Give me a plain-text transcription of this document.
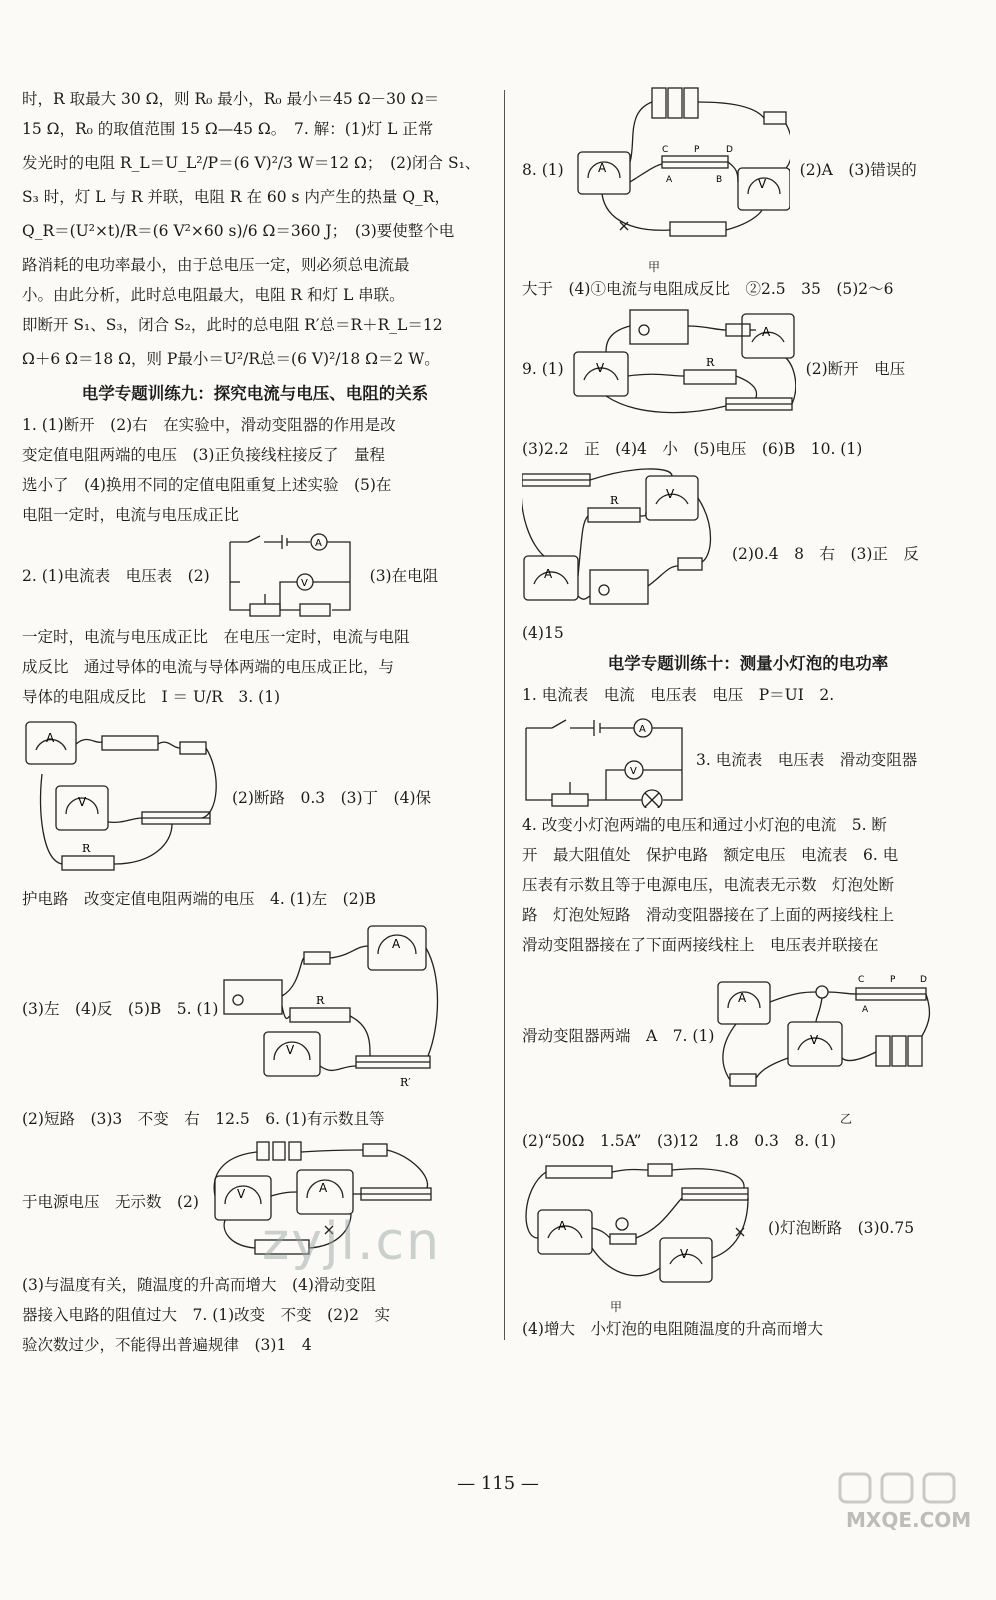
时，R 取最大 30 Ω，则 R₀ 最小，R₀ 最小＝45 Ω－30 Ω＝
15 Ω，R₀ 的取值范围 15 Ω—45 Ω。　7. 解：(1)灯 L 正常
发光时的电阻 R_L＝U_L²/P＝(6 V)²/3 W＝12 Ω；　(2)闭合 S₁、
S₃ 时，灯 L 与 R 并联，电阻 R 在 60 s 内产生的热量 Q_R，
Q_R＝(U²×t)/R＝(6 V²×60 s)/6 Ω＝360 J；　(3)要使整个电
路消耗的电功率最小，由于总电压一定，则必须总电流最
小。由此分析，此时总电阻最大，电阻 R 和灯 L 串联。
即断开 S₁、S₃，闭合 S₂，此时的总电阻 R′总＝R＋R_L＝12
Ω＋6 Ω＝18 Ω，则 P最小＝U²/R总＝(6 V)²/18 Ω＝2 W。
电学专题训练九：探究电流与电压、电阻的关系
1. (1)断开　(2)右　在实验中，滑动变阻器的作用是改
变定值电阻两端的电压　(3)正负接线柱接反了　量程
选小了　(4)换用不同的定值电阻重复上述实验　(5)在
电阻一定时，电流与电压成正比
2. (1)电流表　电压表　(2)
A
V	(3)在电阻
一定时，电流与电压成正比　在电压一定时，电流与电阻
成反比　通过导体的电流与导体两端的电压成正比，与
导体的电阻成反比　I ＝ U/R　3. (1)
A
V
R
(2)断路　0.3　(3)丁　(4)保
护电路　改变定值电阻两端的电压　4. (1)左　(2)B
(3)左　(4)反　(5)B　5. (1)
A
V
R
R′
(2)短路　(3)3　不变　右　12.5　6. (1)有示数且等
于电源电压　无示数　(2)	V	A
(3)与温度有关，随温度的升高而增大　(4)滑动变阻
器接入电路的阻值过大　7. (1)改变　不变　(2)2　实
验次数过少，不能得出普遍规律　(3)1　4
8. (1)	A
V
C	P	D
A	B
(2)A　(3)错误的
甲
大于　(4)①电流与电阻成反比　②2.5　35　(5)2～6
9. (1)	V
A
R	(2)断开　电压
(3)2.2　正　(4)4　小　(5)电压　(6)B　10. (1)
V
A
R
(2)0.4　8　右　(3)正　反
(4)15
电学专题训练十：测量小灯泡的电功率
1. 电流表　电流　电压表　电压　P＝UI　2.
A
V
3. 电流表　电压表　滑动变阻器
4. 改变小灯泡两端的电压和通过小灯泡的电流　5. 断
开　最大阻值处　保护电路　额定电压　电流表　6. 电
压表有示数且等于电源电压，电流表无示数　灯泡处断
路　灯泡处短路　滑动变阻器接在了上面的两接线柱上
滑动变阻器接在了下面两接线柱上　电压表并联接在
滑动变阻器两端　A　7. (1)
A
V
C	P	D
A
乙
(2)“50Ω　1.5A”　(3)12　1.8　0.3　8. (1)
A
V
()灯泡断路　(3)0.75
甲
(4)增大　小灯泡的电阻随温度的升高而增大
— 115 —
zyjl.cn
MXQE.COM
